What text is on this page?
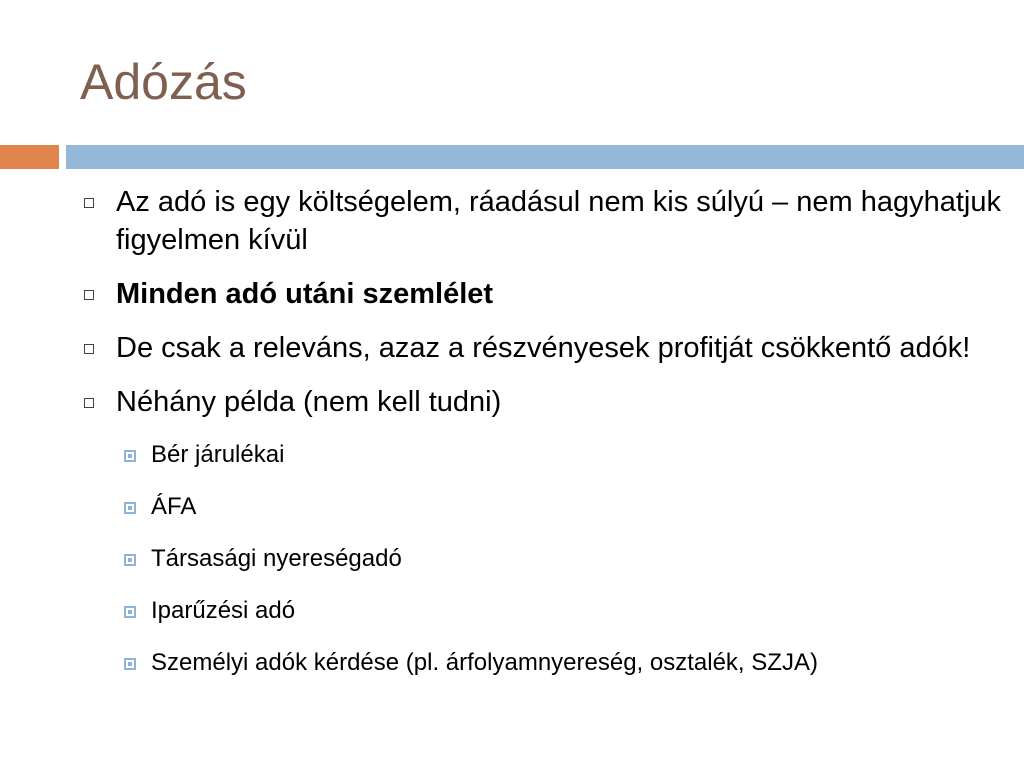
Adózás
Az adó is egy költségelem, ráadásul nem kis súlyú – nem hagyhatjuk figyelmen kívül
Minden adó utáni szemlélet
De csak a releváns, azaz a részvényesek profitját csökkentő adók!
Néhány példa (nem kell tudni)
Bér járulékai
ÁFA
Társasági nyereségadó
Iparűzési adó
Személyi adók kérdése (pl. árfolyamnyereség, osztalék, SZJA)
